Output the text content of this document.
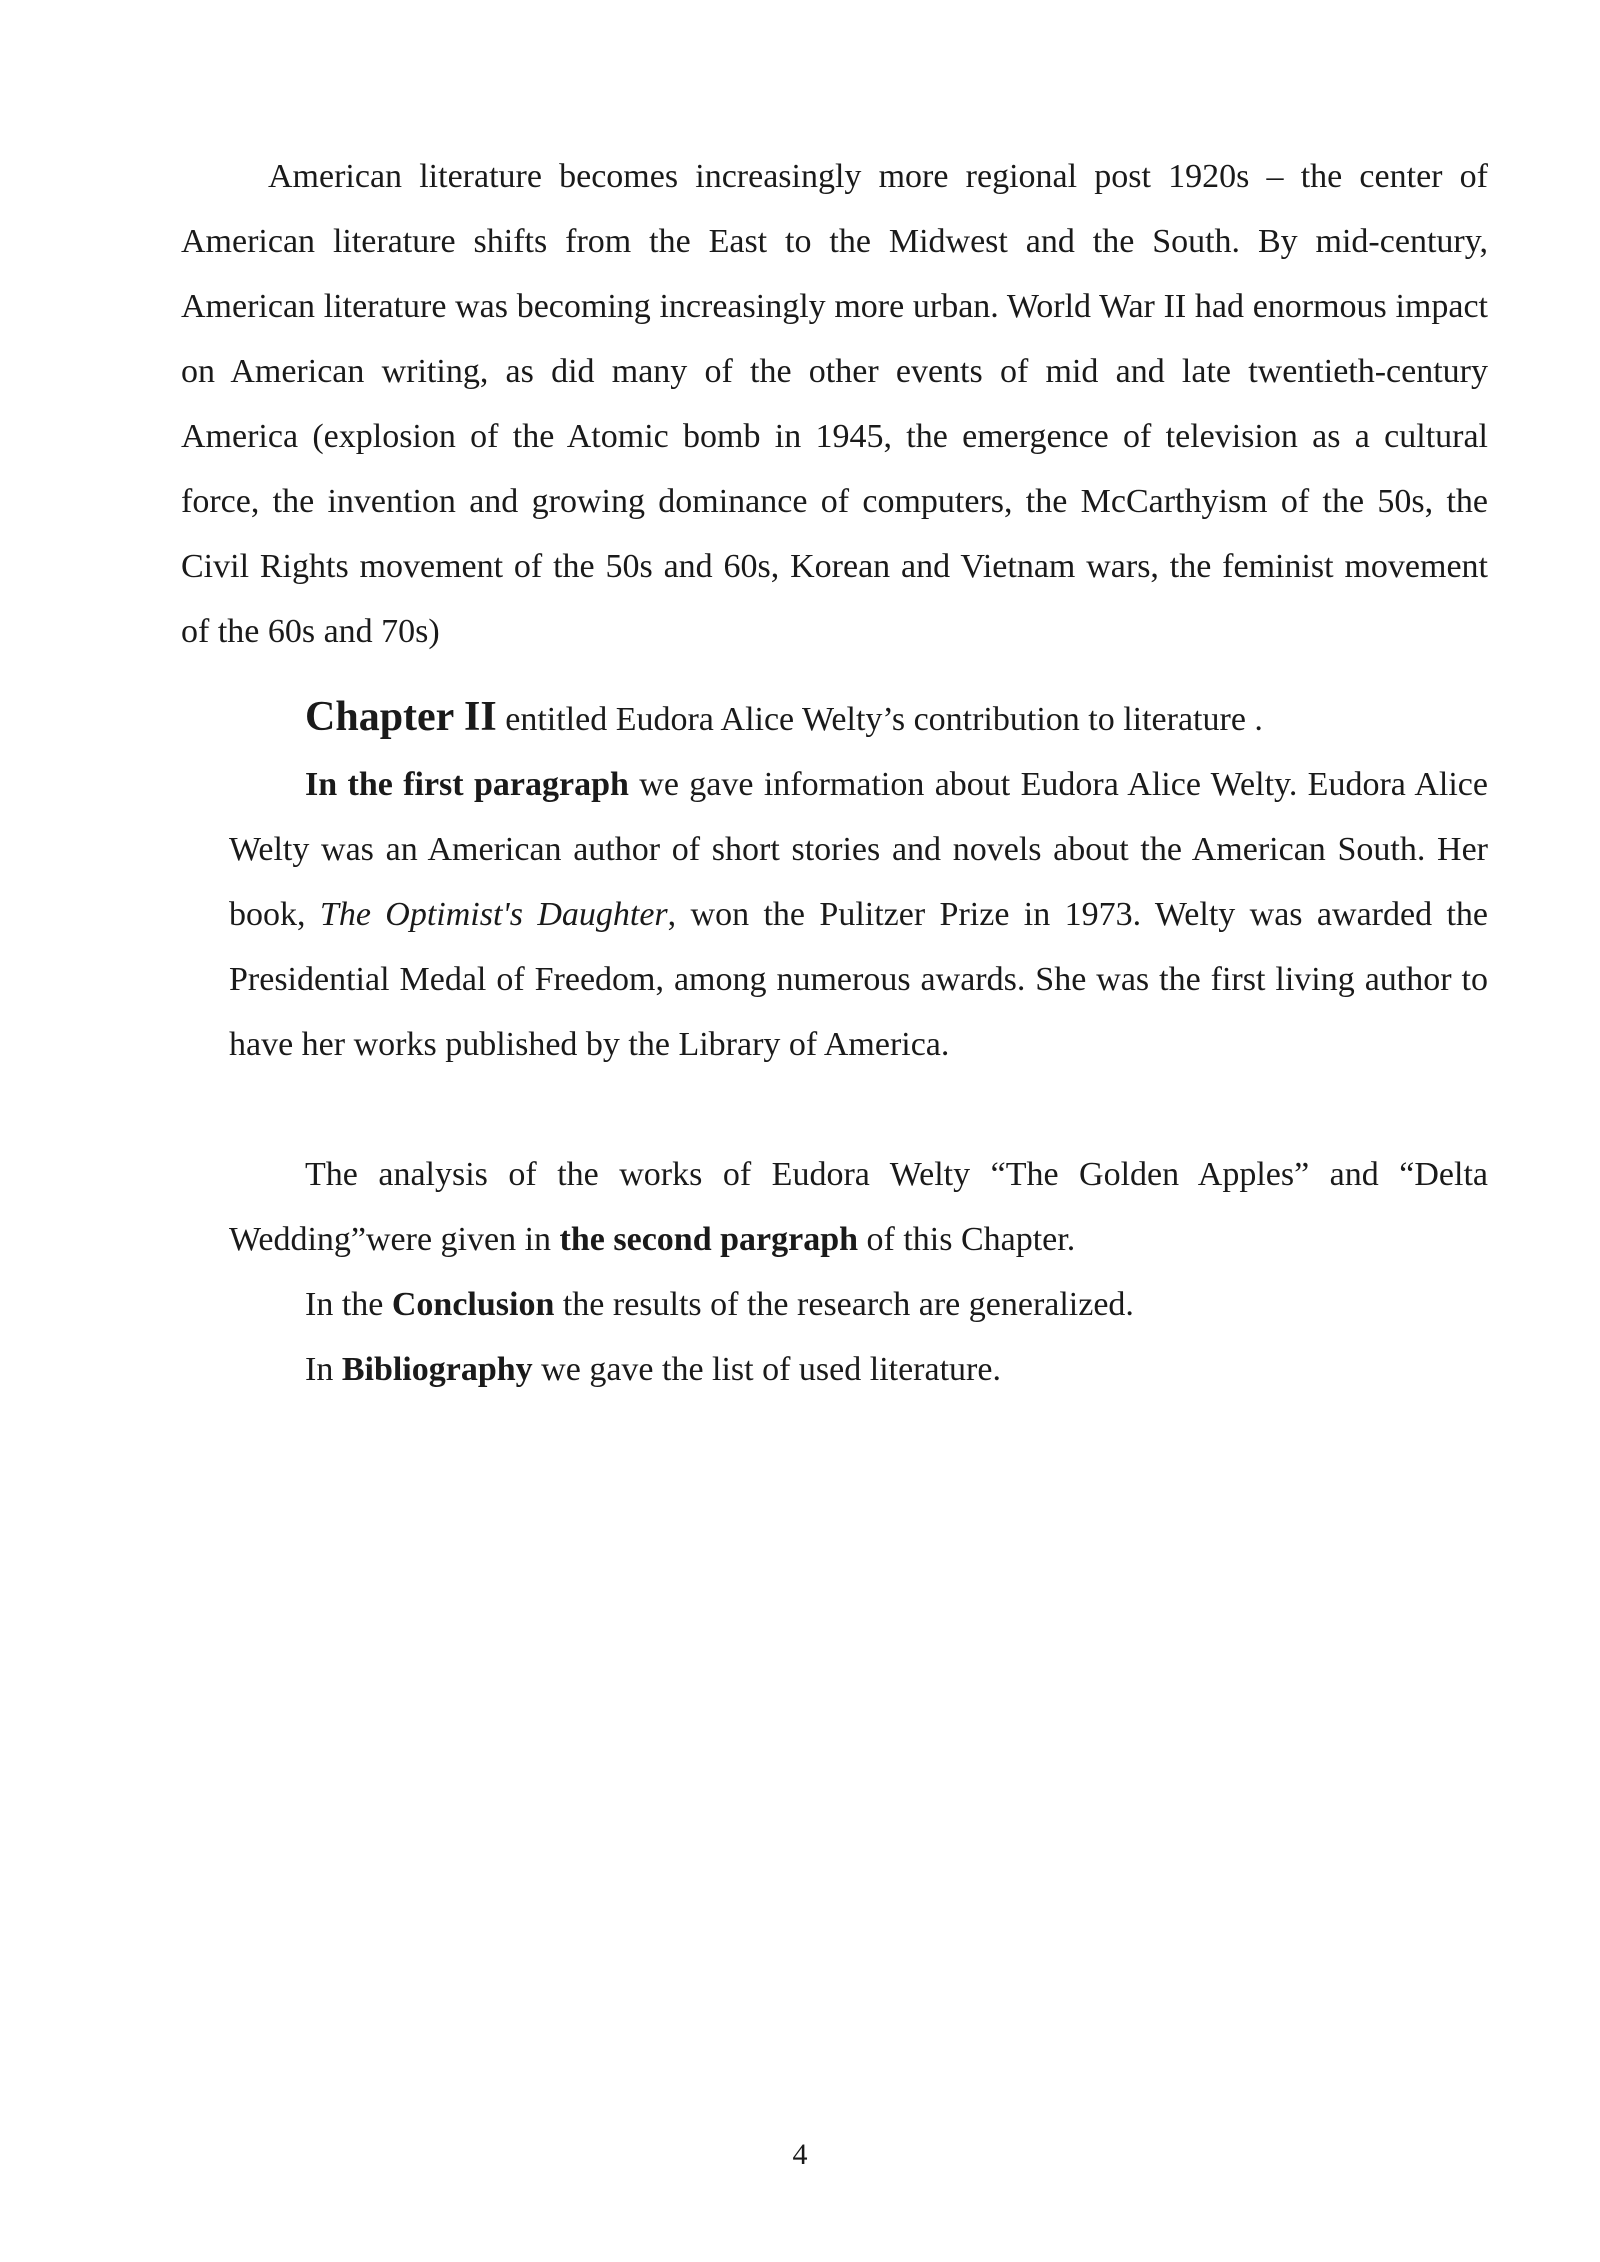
American literature becomes increasingly more regional post 1920s – the center of American literature shifts from the East to the Midwest and the South. By mid-century, American literature was becoming increasingly more urban. World War II had enormous impact on American writing, as did many of the other events of mid and late twentieth-century America (explosion of the Atomic bomb in 1945, the emergence of television as a cultural force, the invention and growing dominance of computers, the McCarthyism of the 50s, the Civil Rights movement of the 50s and 60s, Korean and Vietnam wars, the feminist movement of the 60s and 70s)

Chapter II entitled Eudora Alice Welty’s contribution to literature .

In the first paragraph we gave information about Eudora Alice Welty. Eudora Alice Welty was an American author of short stories and novels about the American South. Her book, The Optimist's Daughter, won the Pulitzer Prize in 1973. Welty was awarded the Presidential Medal of Freedom, among numerous awards. She was the first living author to have her works published by the Library of America.

The analysis of the works of Eudora Welty “The Golden Apples” and “Delta Wedding”were given in the second pargraph of this Chapter.

In the Conclusion the results of the research are generalized.

In Bibliography we gave the list of used literature.

4
